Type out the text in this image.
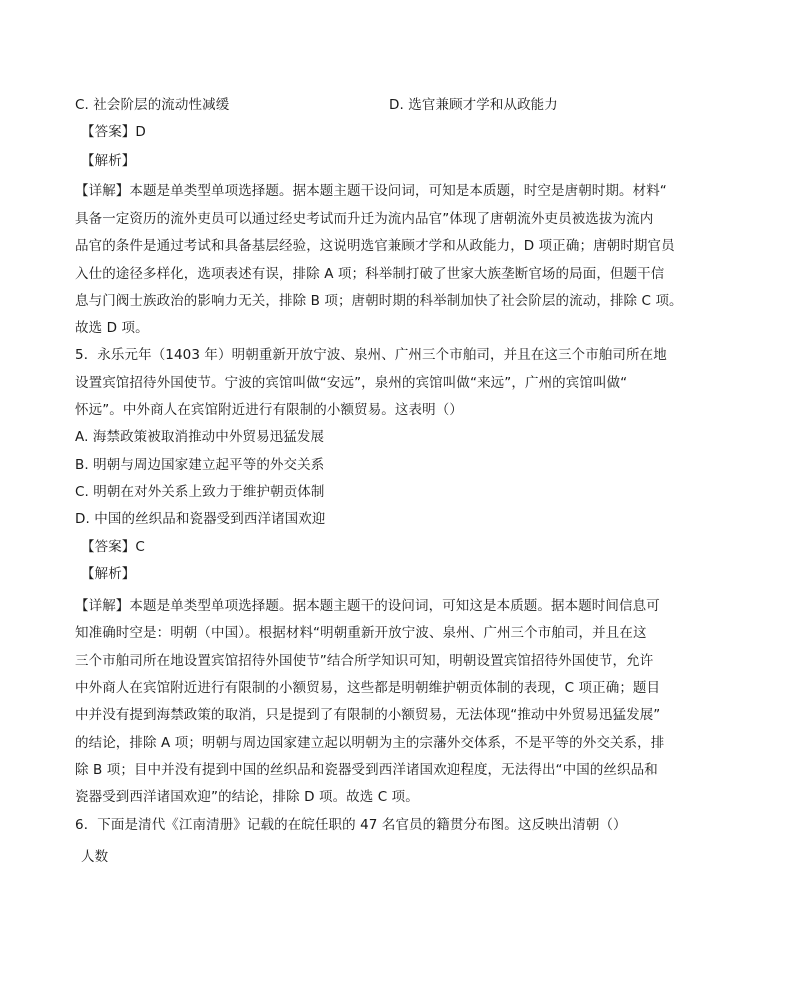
C. 社会阶层的流动性减缓	D. 选官兼顾才学和从政能力
【答案】D
【解析】
【详解】本题是单类型单项选择题。据本题主题干设问词，可知是本质题，时空是唐朝时期。材料“
具备一定资历的流外吏员可以通过经史考试而升迁为流内品官”体现了唐朝流外吏员被选拔为流内
品官的条件是通过考试和具备基层经验，这说明选官兼顾才学和从政能力，D 项正确；唐朝时期官员
入仕的途径多样化，选项表述有误，排除 A 项；科举制打破了世家大族垄断官场的局面，但题干信
息与门阀士族政治的影响力无关，排除 B 项；唐朝时期的科举制加快了社会阶层的流动，排除 C 项。
故选 D 项。
5．永乐元年（1403 年）明朝重新开放宁波、泉州、广州三个市舶司，并且在这三个市舶司所在地
设置宾馆招待外国使节。宁波的宾馆叫做“安远”，泉州的宾馆叫做“来远”，广州的宾馆叫做“
怀远”。中外商人在宾馆附近进行有限制的小额贸易。这表明（）
A. 海禁政策被取消推动中外贸易迅猛发展
B. 明朝与周边国家建立起平等的外交关系
C. 明朝在对外关系上致力于维护朝贡体制
D. 中国的丝织品和瓷器受到西洋诸国欢迎
【答案】C
【解析】
【详解】本题是单类型单项选择题。据本题主题干的设问词，可知这是本质题。据本题时间信息可
知准确时空是：明朝（中国）。根据材料“明朝重新开放宁波、泉州、广州三个市舶司，并且在这
三个市舶司所在地设置宾馆招待外国使节”结合所学知识可知，明朝设置宾馆招待外国使节，允许
中外商人在宾馆附近进行有限制的小额贸易，这些都是明朝维护朝贡体制的表现，C 项正确；题目
中并没有提到海禁政策的取消，只是提到了有限制的小额贸易，无法体现“推动中外贸易迅猛发展”
的结论，排除 A 项；明朝与周边国家建立起以明朝为主的宗藩外交体系，不是平等的外交关系，排
除 B 项；目中并没有提到中国的丝织品和瓷器受到西洋诸国欢迎程度，无法得出“中国的丝织品和
瓷器受到西洋诸国欢迎”的结论，排除 D 项。故选 C 项。
6．下面是清代《江南清册》记载的在皖任职的 47 名官员的籍贯分布图。这反映出清朝（）
人数
